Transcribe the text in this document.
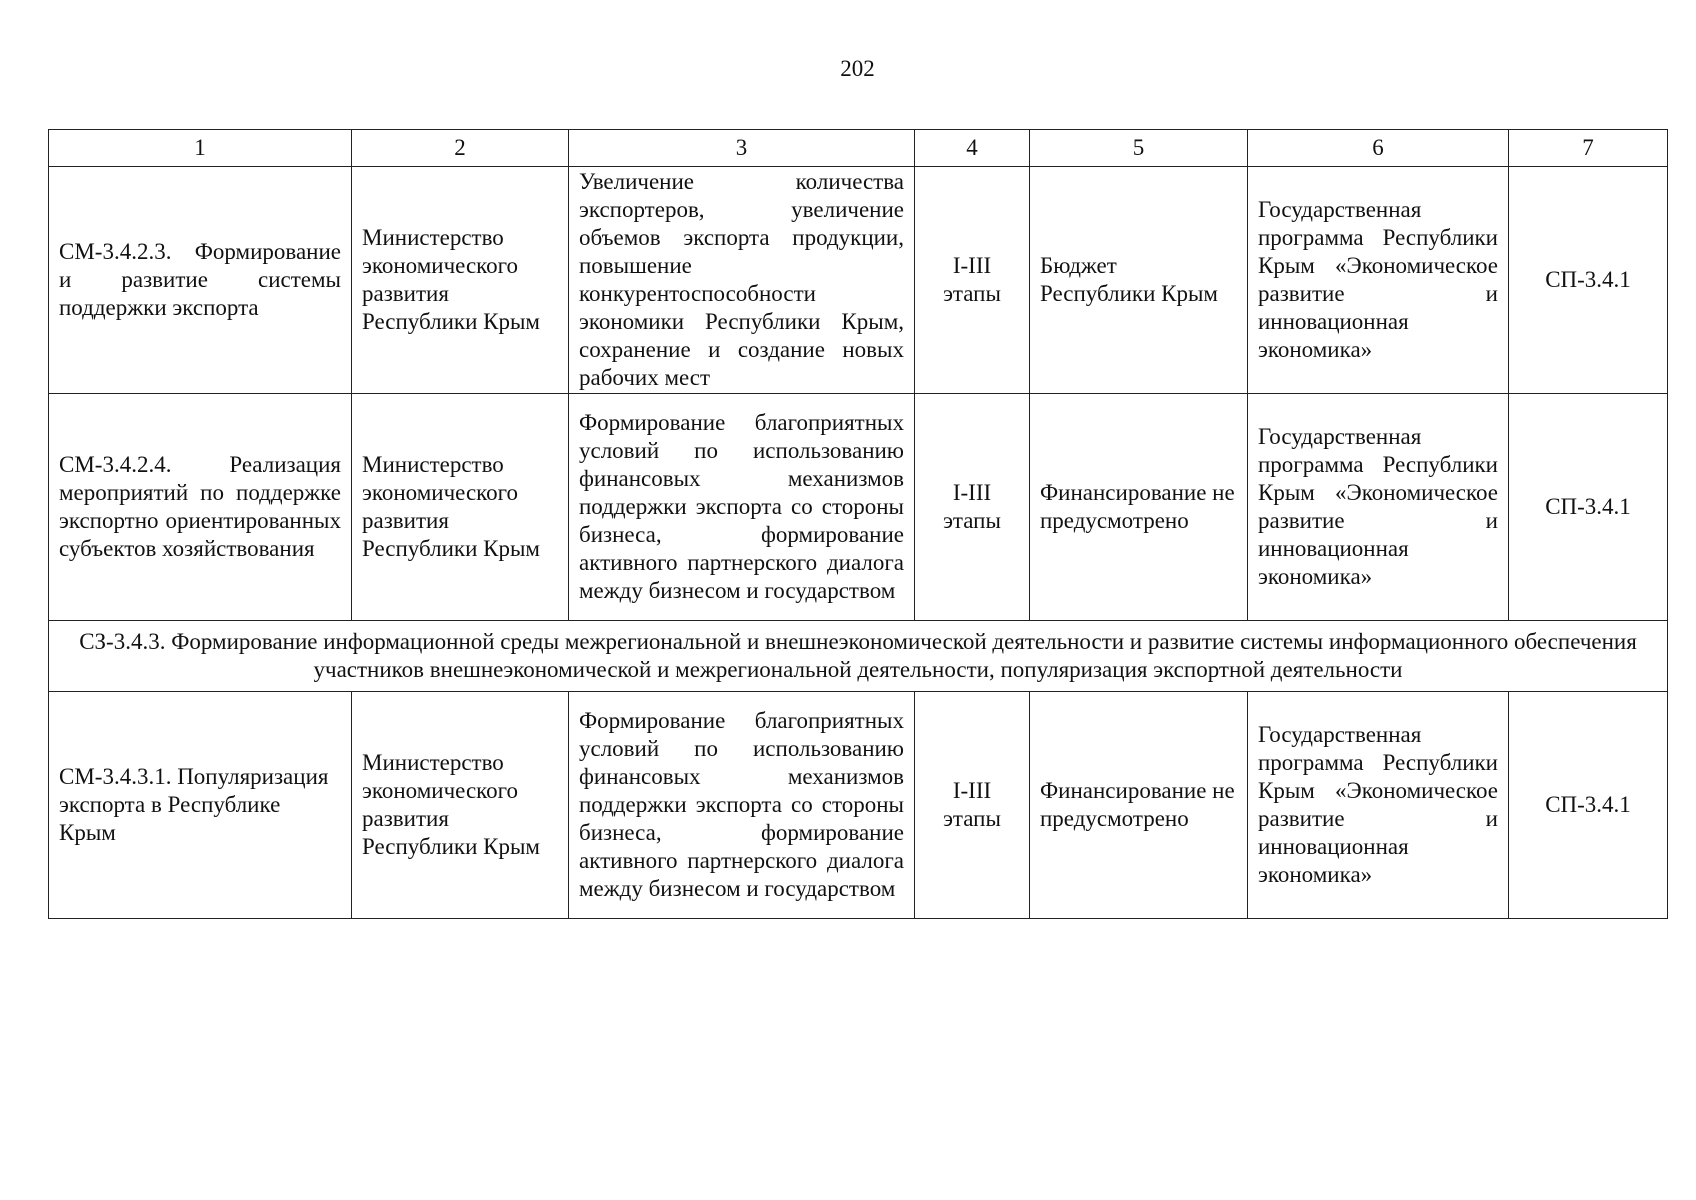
202
1	2	3	4	5	6	7
СМ-3.4.2.3. Формирование и развитие системы поддержки экспорта	Министерство экономического развития Республики Крым	Увеличение количества экспортеров, увеличение объемов экспорта продукции, повышение конкурентоспособности экономики Республики Крым, сохранение и создание новых рабочих мест	I-III этапы	Бюджет Республики Крым	Государственная программа Республики Крым «Экономическое развитие и инновационная экономика»	СП-3.4.1
СМ-3.4.2.4. Реализация мероприятий по поддержке экспортно ориентированных субъектов хозяйствования	Министерство экономического развития Республики Крым	Формирование благоприятных условий по использованию финансовых механизмов поддержки экспорта со стороны бизнеса, формирование активного партнерского диалога между бизнесом и государством	I-III этапы	Финансирование не предусмотрено	Государственная программа Республики Крым «Экономическое развитие и инновационная экономика»	СП-3.4.1
СЗ-3.4.3. Формирование информационной среды межрегиональной и внешнеэкономической деятельности и развитие системы информационного обеспечения участников внешнеэкономической и межрегиональной деятельности, популяризация экспортной деятельности						
СМ-3.4.3.1. Популяризация экспорта в Республике Крым	Министерство экономического развития Республики Крым	Формирование благоприятных условий по использованию финансовых механизмов поддержки экспорта со стороны бизнеса, формирование активного партнерского диалога между бизнесом и государством	I-III этапы	Финансирование не предусмотрено	Государственная программа Республики Крым «Экономическое развитие и инновационная экономика»	СП-3.4.1
